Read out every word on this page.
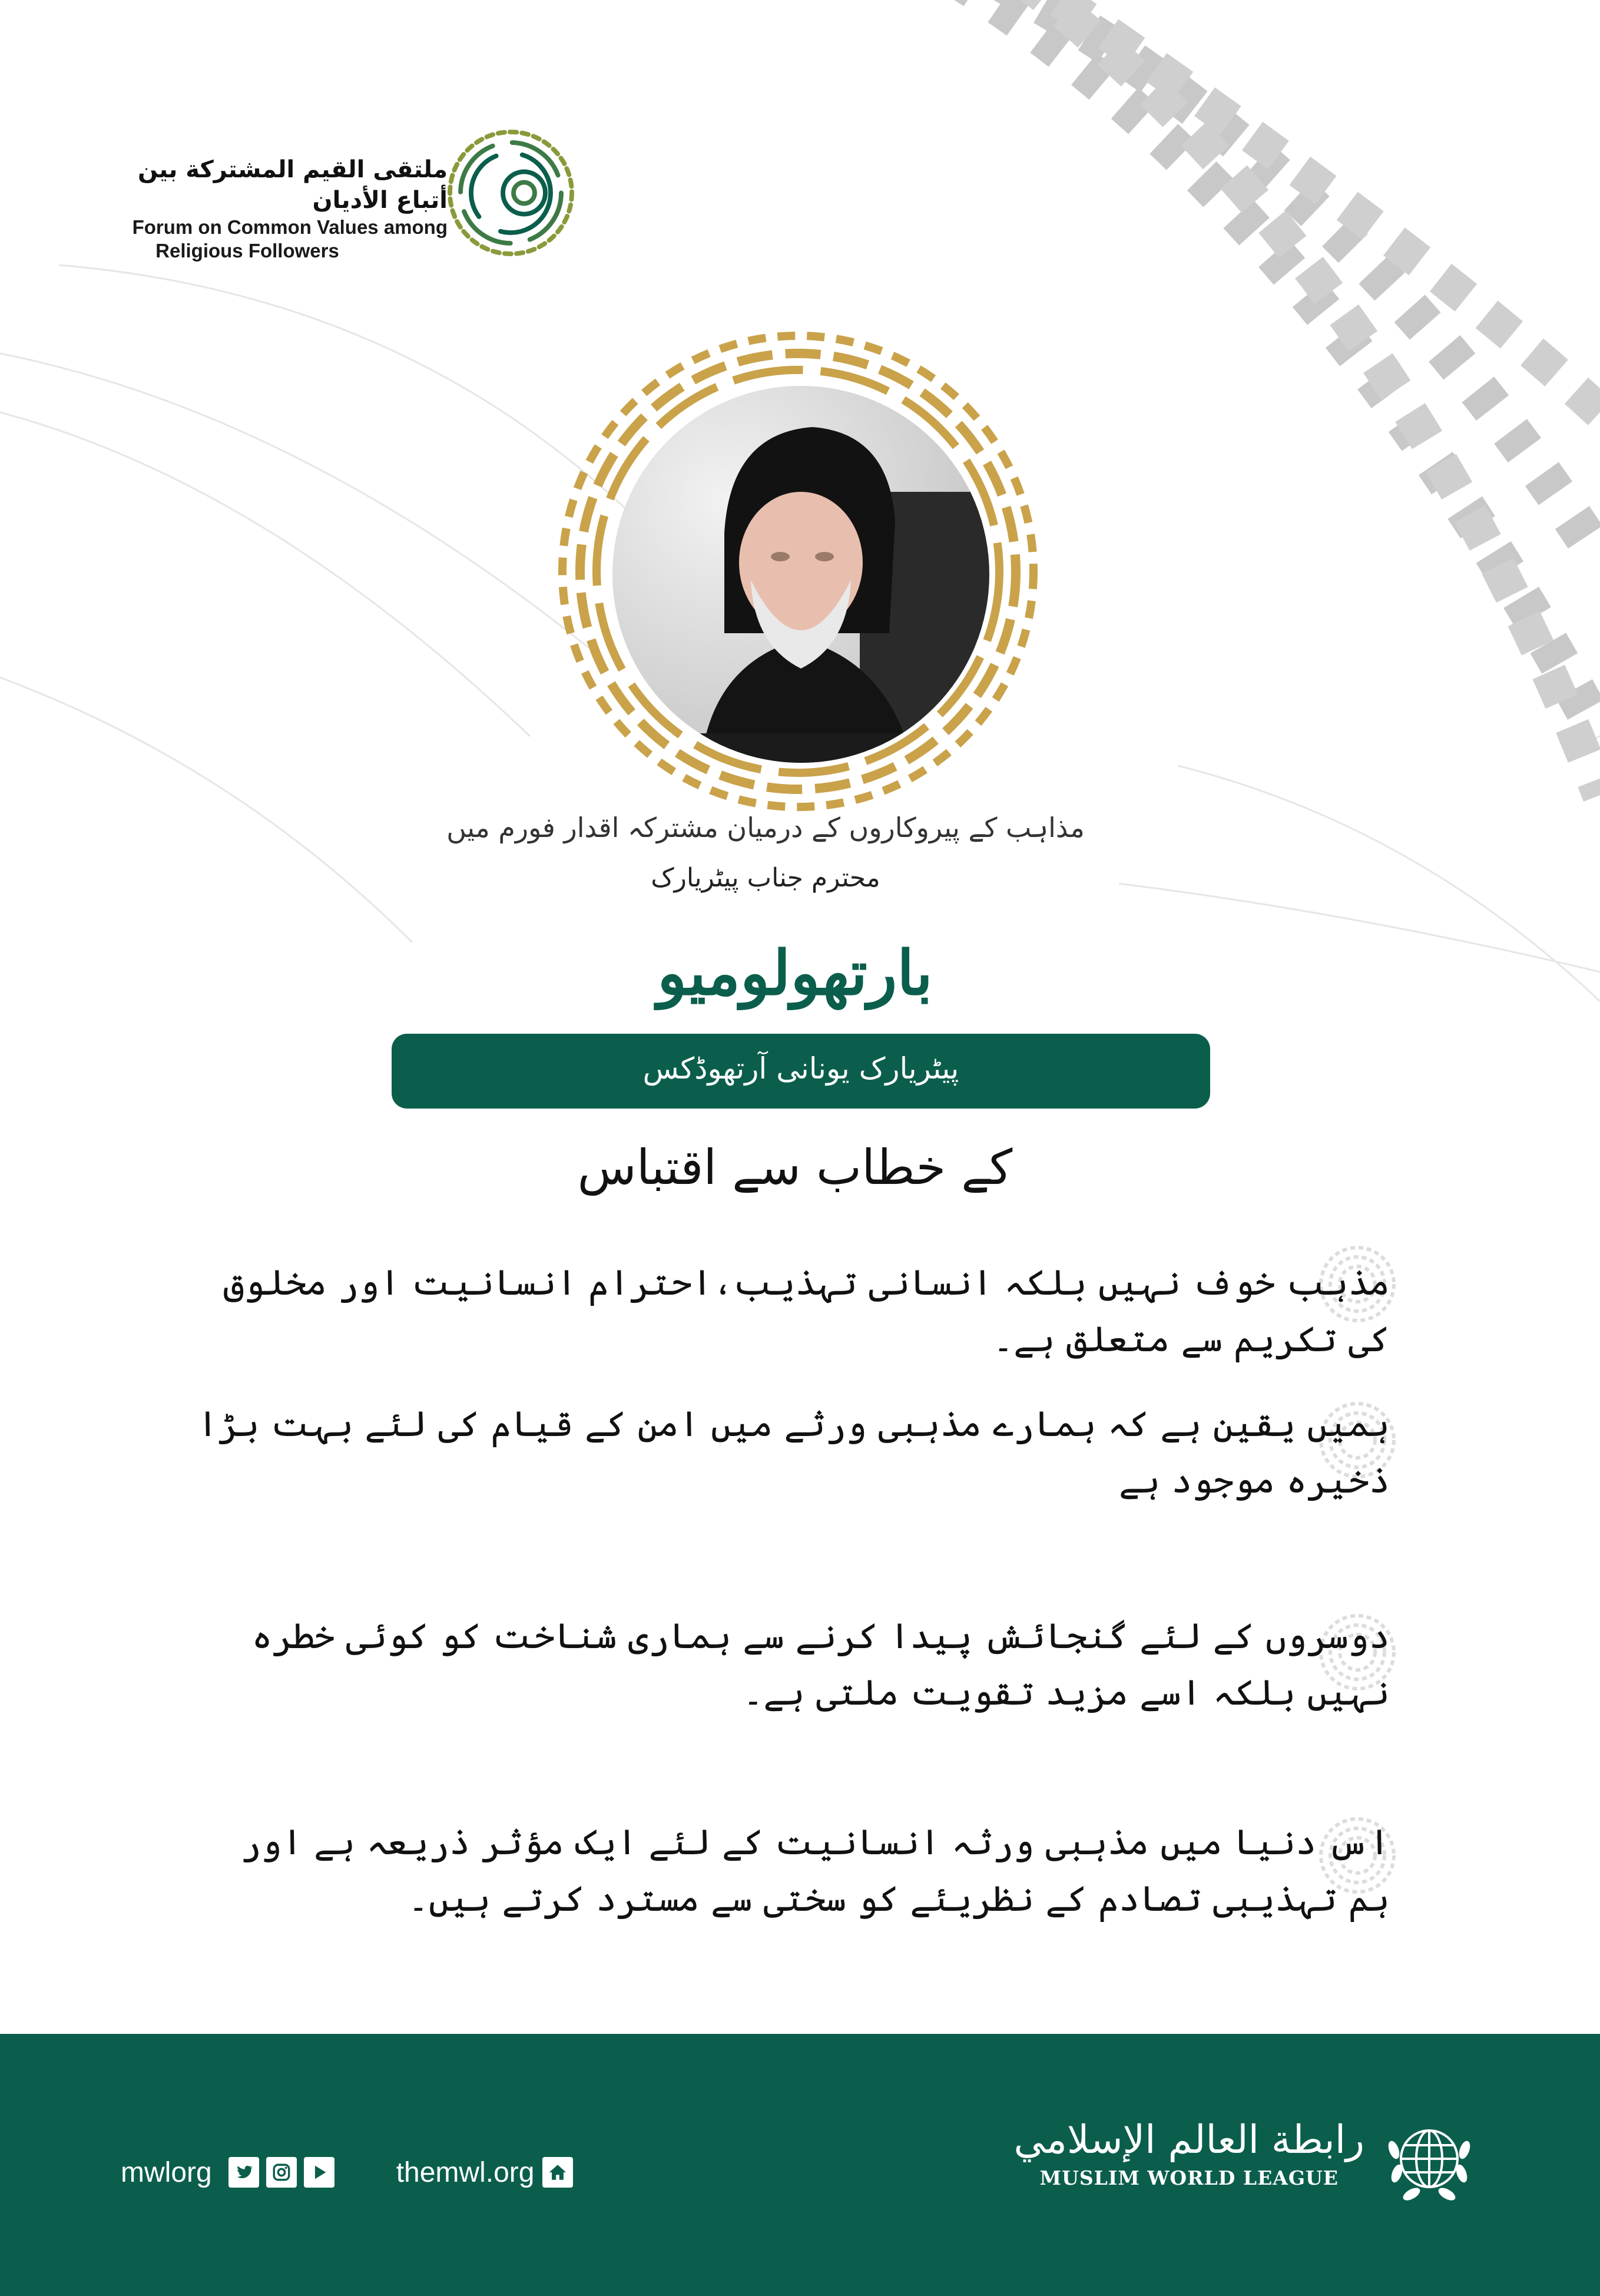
ملتقى القيم المشتركة بين أتباع الأديان
Forum on Common Values among
Religious Followers
مذاہب کے پیروکاروں کے درمیان مشترکہ اقدار فورم میں
محترم جناب پیٹریارک
بارتھولومیو
پیٹریارک یونانی آرتھوڈکس
کے خطاب سے اقتباس
مذہب خوف نہیں بلکہ انسانی تہذیب،احترام انسانیت اور مخلوق کی تکریم سے متعلق ہے۔
ہمیں یقین ہے کہ ہمارے مذہبی ورثے میں امن کے قیام کی لئے بہت بڑا ذخیرہ موجود ہے
دوسروں کے لئے گنجائش پیدا کرنے سے ہماری شناخت کو کوئی خطرہ نہیں بلکہ اسے مزید تقویت ملتی ہے۔
اس دنیا میں مذہبی ورثہ انسانیت کے لئے ایک مؤثر ذریعہ ہے اور ہم تہذیبی تصادم کے نظریئے کو سختی سے مسترد کرتے ہیں۔
mwlorg	themwl.org
رابطة العالم الإسلامي
MUSLIM WORLD LEAGUE
